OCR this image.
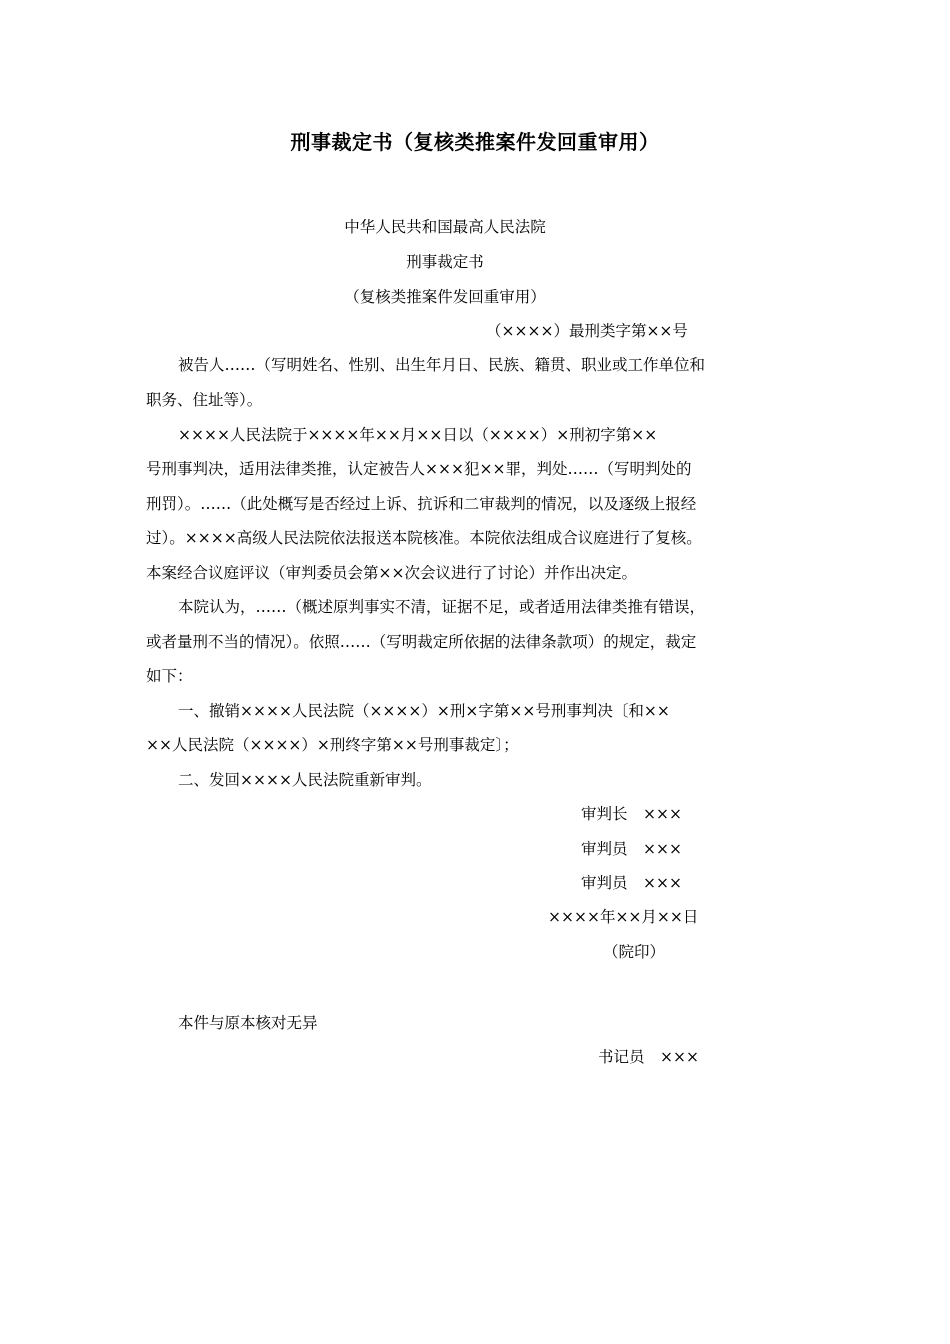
刑事裁定书（复核类推案件发回重审用）
中华人民共和国最高人民法院
刑事裁定书
（复核类推案件发回重审用）
（××××）最刑类字第××号
被告人……（写明姓名、性别、出生年月日、民族、籍贯、职业或工作单位和
职务、住址等）。
××××人民法院于××××年××月××日以（××××）×刑初字第××
号刑事判决，适用法律类推，认定被告人×××犯××罪，判处……（写明判处的
刑罚）。……（此处概写是否经过上诉、抗诉和二审裁判的情况，以及逐级上报经
过）。××××高级人民法院依法报送本院核准。本院依法组成合议庭进行了复核。
本案经合议庭评议（审判委员会第××次会议进行了讨论）并作出决定。
本院认为，……（概述原判事实不清，证据不足，或者适用法律类推有错误，
或者量刑不当的情况）。依照……（写明裁定所依据的法律条款项）的规定，裁定
如下：
一、撤销××××人民法院（××××）×刑×字第××号刑事判决〔和××
××人民法院（××××）×刑终字第××号刑事裁定〕；
二、发回××××人民法院重新审判。
审判长　×××
审判员　×××
审判员　×××
××××年××月××日
（院印）
本件与原本核对无异
书记员　×××
